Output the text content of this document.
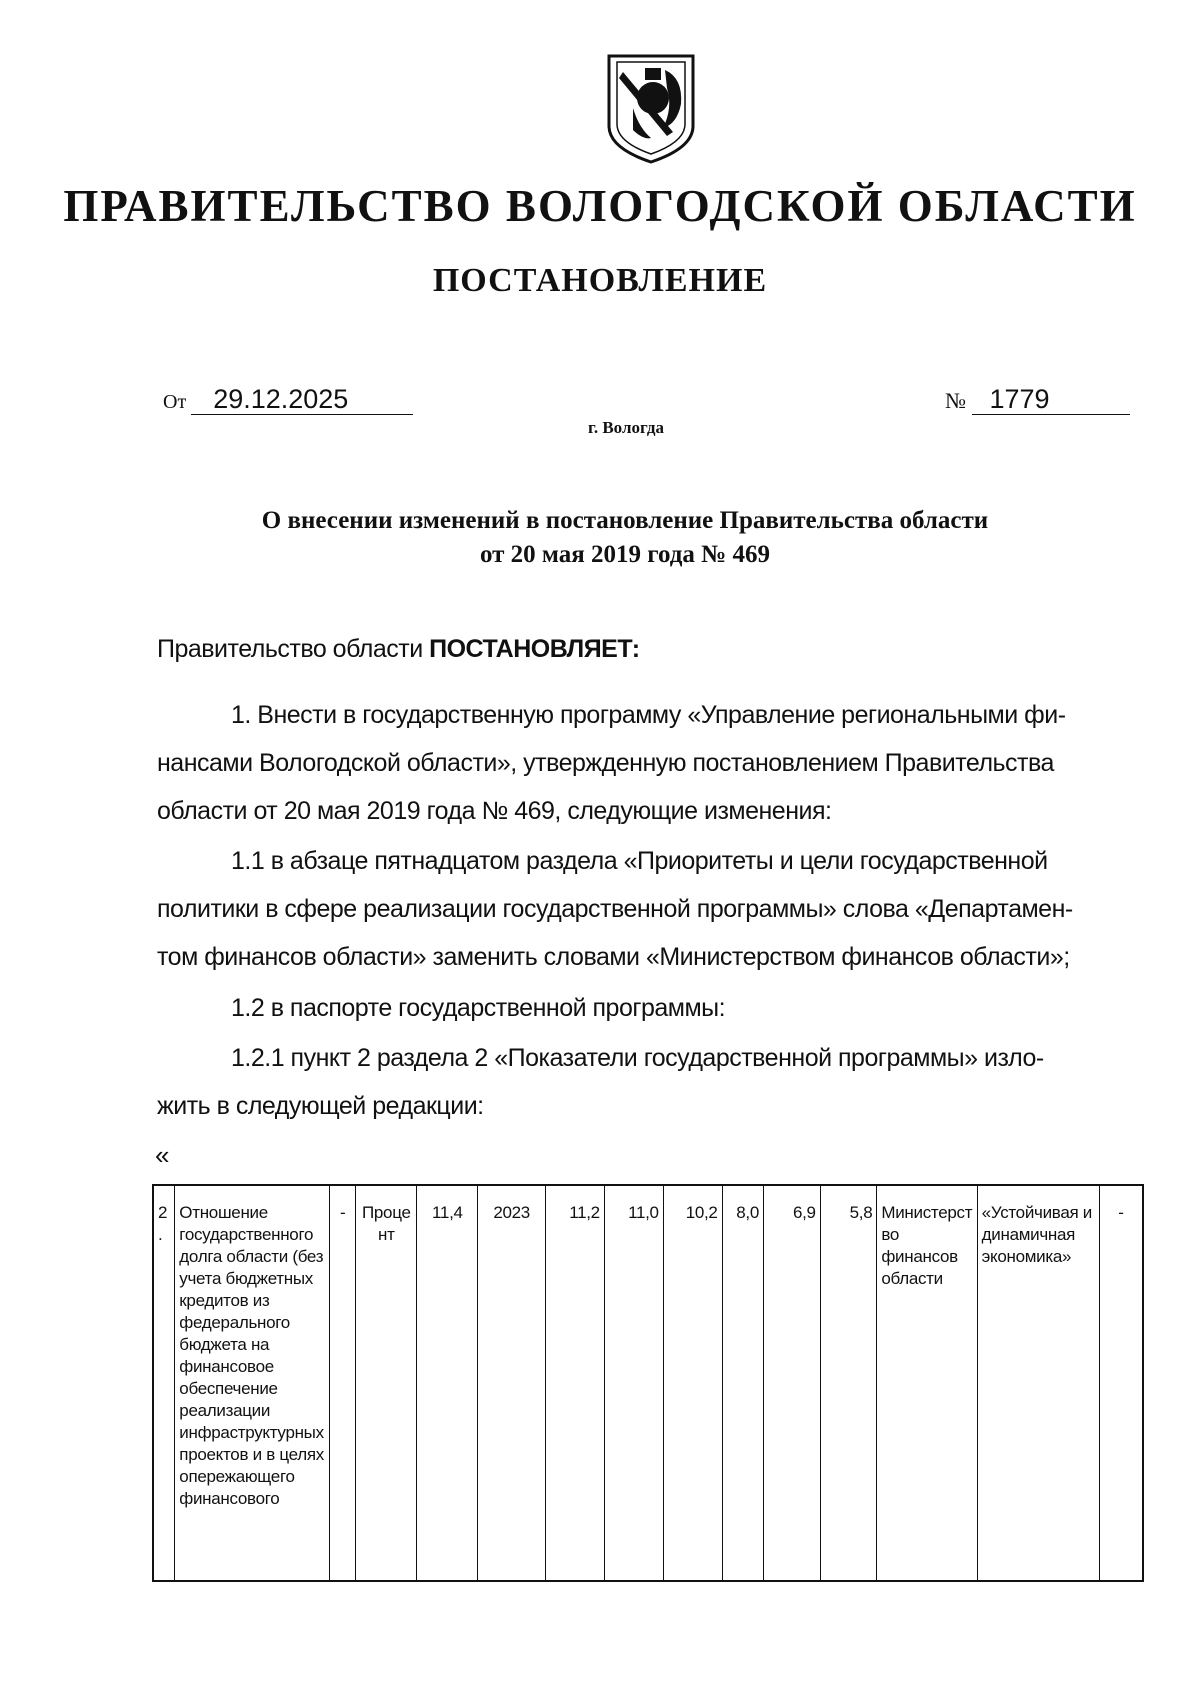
ПРАВИТЕЛЬСТВО ВОЛОГОДСКОЙ ОБЛАСТИ
ПОСТАНОВЛЕНИЕ
От 29.12.2025	№ 1779
г. Вологда
О внесении изменений в постановление Правительства области
от 20 мая 2019 года № 469

Правительство области ПОСТАНОВЛЯЕТ:

1. Внести в государственную программу «Управление региональными фи-
нансами Вологодской области», утвержденную постановлением Правительства
области от 20 мая 2019 года № 469, следующие изменения:

1.1 в абзаце пятнадцатом раздела «Приоритеты и цели государственной
политики в сфере реализации государственной программы» слова «Департамен-
том финансов области» заменить словами «Министерством финансов области»;

1.2 в паспорте государственной программы:

1.2.1 пункт 2 раздела 2 «Показатели государственной программы» изло-
жить в следующей редакции:

«
2.	Отношение государственного долга области (без учета бюджетных кредитов из федерального бюджета на финансовое обеспечение реализации инфраструктурных проектов и в целях опережающего финансового	-	Процент	11,4	2023	11,2	11,0	10,2	8,0	6,9	5,8	Министерство финансов области	«Устойчивая и динамичная экономика»	-
